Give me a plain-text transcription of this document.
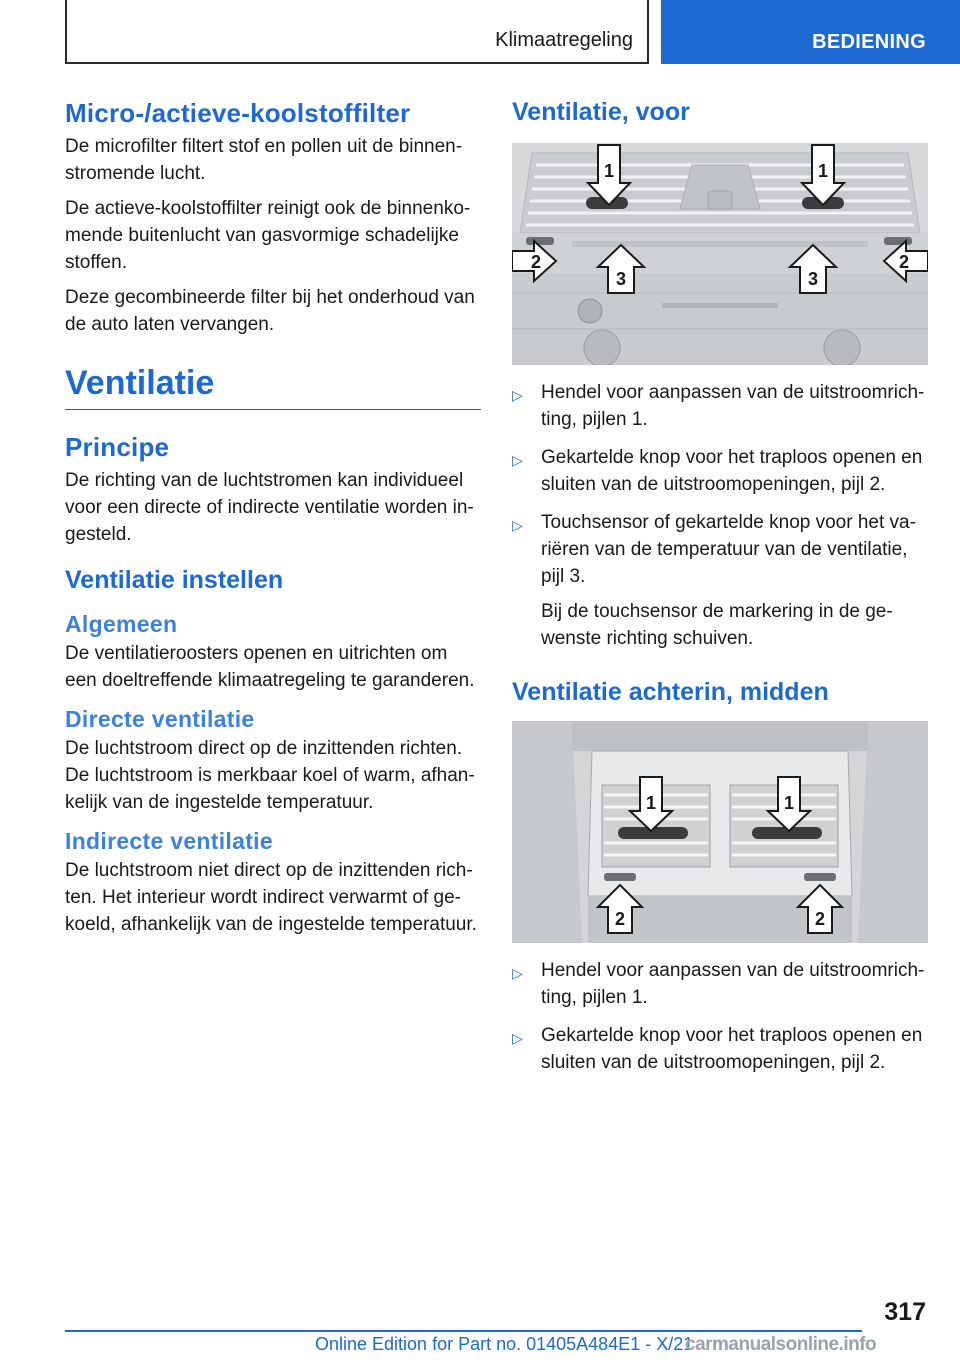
Klimaatregeling	BEDIENING
Micro-/actieve-koolstoffilter

De microfilter filtert stof en pollen uit de binnen- stromende lucht.

De actieve-koolstoffilter reinigt ook de binnenko- mende buitenlucht van gasvormige schadelijke stoffen.

Deze gecombineerde filter bij het onderhoud van de auto laten vervangen.

Ventilatie
Principe

De richting van de luchtstromen kan individueel voor een directe of indirecte ventilatie worden in- gesteld.

Ventilatie instellen
Algemeen

De ventilatieroosters openen en uitrichten om een doeltreffende klimaatregeling te garanderen.

Directe ventilatie

De luchtstroom direct op de inzittenden richten. De luchtstroom is merkbaar koel of warm, afhan- kelijk van de ingestelde temperatuur.

Indirecte ventilatie

De luchtstroom niet direct op de inzittenden rich- ten. Het interieur wordt indirect verwarmt of ge- koeld, afhankelijk van de ingestelde temperatuur.

Ventilatie, voor
1	1
2
3	3
2
▷ Hendel voor aanpassen van de uitstroomrich- ting, pijlen 1.
▷ Gekartelde knop voor het traploos openen en sluiten van de uitstroomopeningen, pijl 2.
▷ Touchsensor of gekartelde knop voor het va- riëren van de temperatuur van de ventilatie, pijl 3.
Bij de touchsensor de markering in de ge- wenste richting schuiven.
Ventilatie achterin, midden
1	1
2	2
▷ Hendel voor aanpassen van de uitstroomrich- ting, pijlen 1.
▷ Gekartelde knop voor het traploos openen en sluiten van de uitstroomopeningen, pijl 2.
317
Online Edition for Part no. 01405A484E1 - X/21
carmanualsonline.info
